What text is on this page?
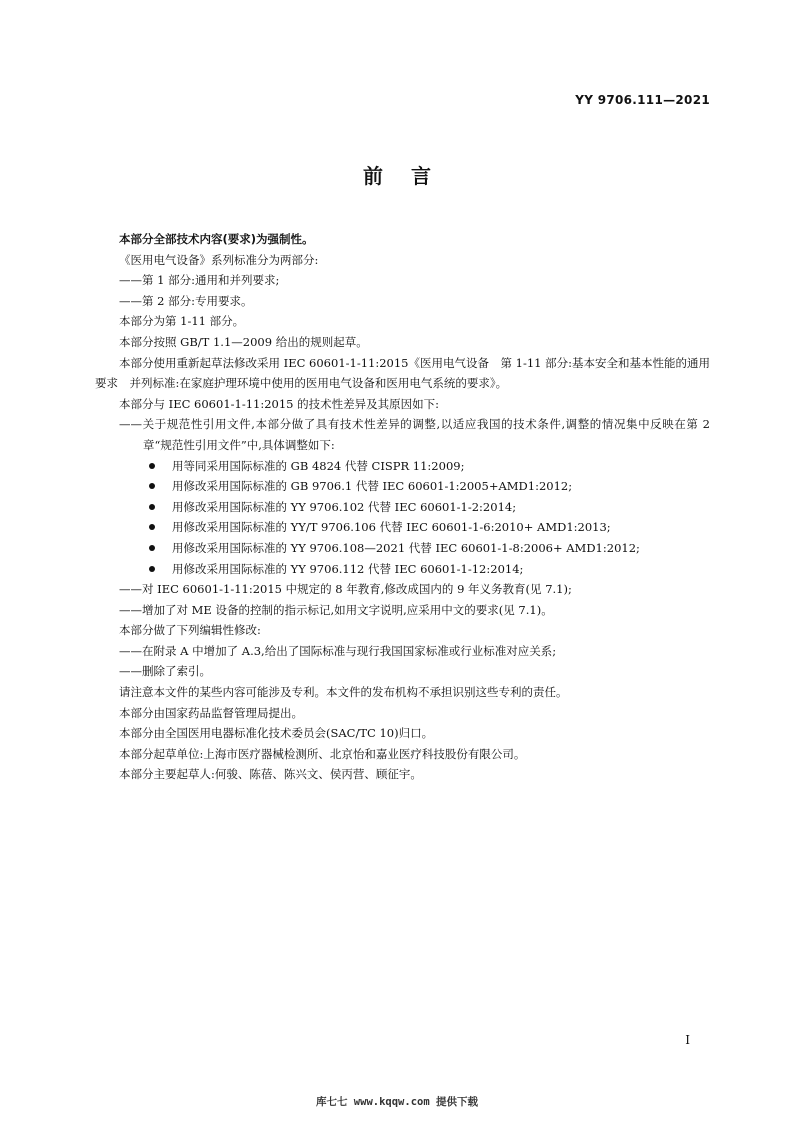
YY 9706.111—2021
前言
本部分全部技术内容(要求)为强制性。
《医用电气设备》系列标准分为两部分:
——第 1 部分:通用和并列要求;
——第 2 部分:专用要求。
本部分为第 1-11 部分。
本部分按照 GB/T 1.1—2009 给出的规则起草。
本部分使用重新起草法修改采用 IEC 60601-1-11:2015《医用电气设备　第 1-11 部分:基本安全和基本性能的通用要求　并列标准:在家庭护理环境中使用的医用电气设备和医用电气系统的要求》。
本部分与 IEC 60601-1-11:2015 的技术性差异及其原因如下:
——关于规范性引用文件,本部分做了具有技术性差异的调整,以适应我国的技术条件,调整的情况集中反映在第 2 章“规范性引用文件”中,具体调整如下:
用等同采用国际标准的 GB 4824 代替 CISPR 11:2009;
用修改采用国际标准的 GB 9706.1 代替 IEC 60601-1:2005+AMD1:2012;
用修改采用国际标准的 YY 9706.102 代替 IEC 60601-1-2:2014;
用修改采用国际标准的 YY/T 9706.106 代替 IEC 60601-1-6:2010+ AMD1:2013;
用修改采用国际标准的 YY 9706.108—2021 代替 IEC 60601-1-8:2006+ AMD1:2012;
用修改采用国际标准的 YY 9706.112 代替 IEC 60601-1-12:2014;
——对 IEC 60601-1-11:2015 中规定的 8 年教育,修改成国内的 9 年义务教育(见 7.1);
——增加了对 ME 设备的控制的指示标记,如用文字说明,应采用中文的要求(见 7.1)。
本部分做了下列编辑性修改:
——在附录 A 中增加了 A.3,给出了国际标准与现行我国国家标准或行业标准对应关系;
——删除了索引。
请注意本文件的某些内容可能涉及专利。本文件的发布机构不承担识别这些专利的责任。
本部分由国家药品监督管理局提出。
本部分由全国医用电器标准化技术委员会(SAC/TC 10)归口。
本部分起草单位:上海市医疗器械检测所、北京怡和嘉业医疗科技股份有限公司。
本部分主要起草人:何骏、陈蓓、陈兴文、侯丙营、顾征宇。
I
库七七 www.kqqw.com 提供下载
